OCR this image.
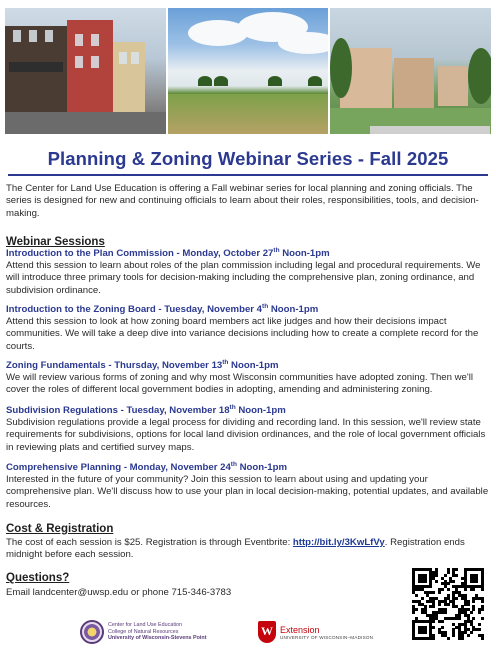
Planning & Zoning Webinar Series - Fall 2025

The Center for Land Use Education is offering a Fall webinar series for local planning and zoning officials. The series is designed for new and continuing officials to learn about their roles, responsibilities, tools, and decision-making.

Webinar Sessions
Introduction to the Plan Commission - Monday, October 27th Noon-1pm
Attend this session to learn about roles of the plan commission including legal and procedural requirements. We will introduce three primary tools for decision-making including the comprehensive plan, zoning ordinance, and subdivision ordinance.
Introduction to the Zoning Board - Tuesday, November 4th Noon-1pm
Attend this session to look at how zoning board members act like judges and how their decisions impact communities. We will take a deep dive into variance decisions including how to create a complete record for the courts.
Zoning Fundamentals - Thursday, November 13th Noon-1pm
We will review various forms of zoning and why most Wisconsin communities have adopted zoning. Then we'll cover the roles of different local government bodies in adopting, amending and administering zoning.
Subdivision Regulations - Tuesday, November 18th Noon-1pm
Subdivision regulations provide a legal process for dividing and recording land. In this session, we'll review state requirements for subdivisions, options for local land division ordinances, and the role of local government officials in reviewing plats and certified survey maps.
Comprehensive Planning - Monday, November 24th Noon-1pm
Interested in the future of your community? Join this session to learn about using and updating your comprehensive plan. We'll discuss how to use your plan in local decision-making, potential updates, and available resources.
Cost & Registration
The cost of each session is $25. Registration is through Eventbrite: http://bit.ly/3KwLfVy. Registration ends midnight before each session.
Questions?
Email landcenter@uwsp.edu or phone 715-346-3783
Center for Land Use Education
College of Natural Resources
University of Wisconsin-Stevens Point
W Extension
UNIVERSITY OF WISCONSIN–MADISON
